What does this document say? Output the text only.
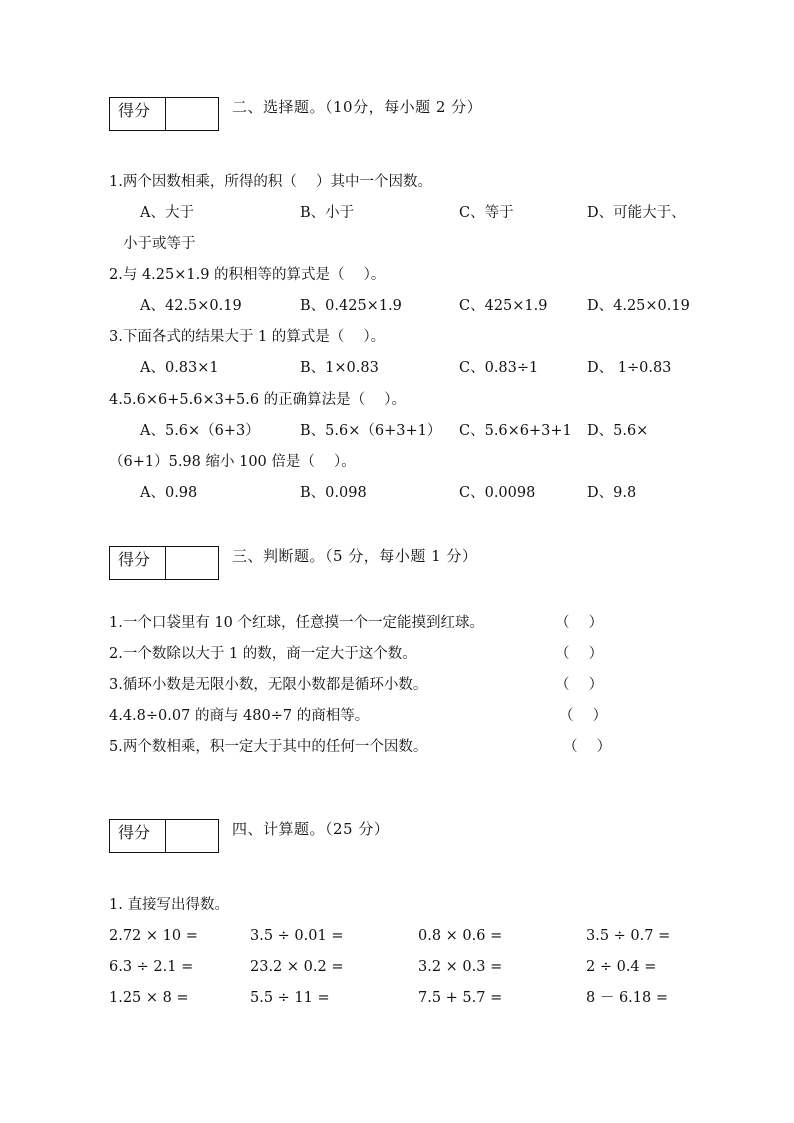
得分	二、选择题。（10分，每小题 2 分）
1.两个因数相乘，所得的积（　 ）其中一个因数。
A、大于	B、小于	C、等于	D、可能大于、
小于或等于
2.与 4.25×1.9 的积相等的算式是（　 ）。
A、42.5×0.19	B、0.425×1.9	C、425×1.9	D、4.25×0.19
3.下面各式的结果大于 1 的算式是（　 ）。
A、0.83×1	B、1×0.83	C、0.83÷1	D、 1÷0.83
4.5.6×6+5.6×3+5.6 的正确算法是（　 ）。
A、5.6×（6+3）	B、5.6×（6+3+1） C、5.6×6+3+1 D、5.6×
（6+1）5.98 缩小 100 倍是（　 ）。
A、0.98	B、0.098	C、0.0098	D、9.8
得分	三、判断题。（5 分，每小题 1 分）
1.一个口袋里有 10 个红球，任意摸一个一定能摸到红球。	（　 ）
2.一个数除以大于 1 的数，商一定大于这个数。	（　 ）
3.循环小数是无限小数，无限小数都是循环小数。	（　 ）
4.4.8÷0.07 的商与 480÷7 的商相等。	（　 ）
5.两个数相乘，积一定大于其中的任何一个因数。	（　 ）
得分	四、计算题。（25 分）
1. 直接写出得数。
2.72 × 10 =	3.5 ÷ 0.01 =	0.8 × 0.6 =	3.5 ÷ 0.7 =
6.3 ÷ 2.1 =	23.2 × 0.2 =	3.2 × 0.3 =	2 ÷ 0.4 =
1.25 × 8 =	5.5 ÷ 11 =	7.5 + 5.7 =	8 － 6.18 =
